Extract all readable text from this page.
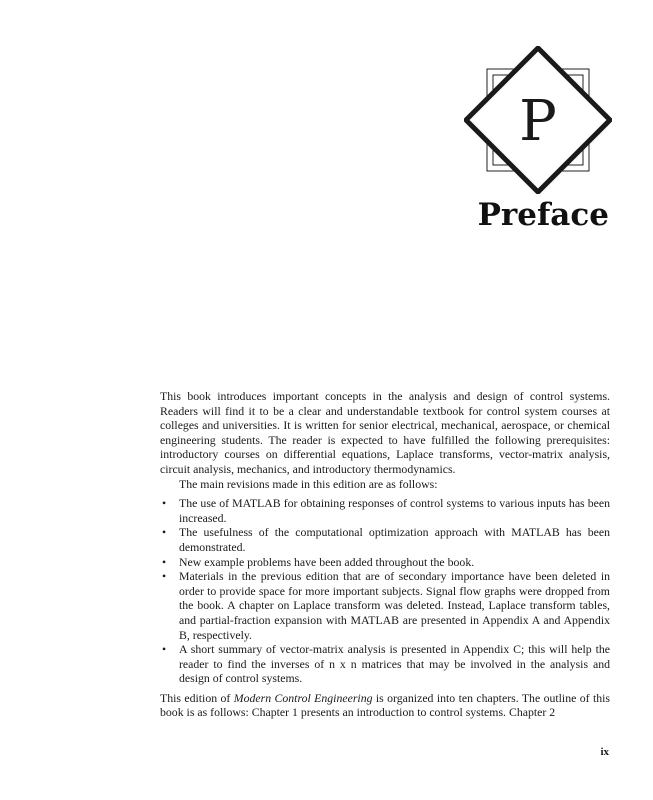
P
Preface

This book introduces important concepts in the analysis and design of control systems. Readers will find it to be a clear and understandable textbook for control system courses at colleges and universities. It is written for senior electrical, mechanical, aerospace, or chemical engineering students. The reader is expected to have fulfilled the following prerequisites: introductory courses on differential equations, Laplace transforms, vector-matrix analysis, circuit analysis, mechanics, and introductory thermodynamics.

The main revisions made in this edition are as follows:

• The use of MATLAB for obtaining responses of control systems to various inputs has been increased.
• The usefulness of the computational optimization approach with MATLAB has been demonstrated.
• New example problems have been added throughout the book.
• Materials in the previous edition that are of secondary importance have been deleted in order to provide space for more important subjects. Signal flow graphs were dropped from the book. A chapter on Laplace transform was deleted. Instead, Laplace transform tables, and partial-fraction expansion with MATLAB are presented in Appendix A and Appendix B, respectively.
• A short summary of vector-matrix analysis is presented in Appendix C; this will help the reader to find the inverses of n x n matrices that may be involved in the analysis and design of control systems.

This edition of Modern Control Engineering is organized into ten chapters. The outline of this book is as follows: Chapter 1 presents an introduction to control systems. Chapter 2

ix
